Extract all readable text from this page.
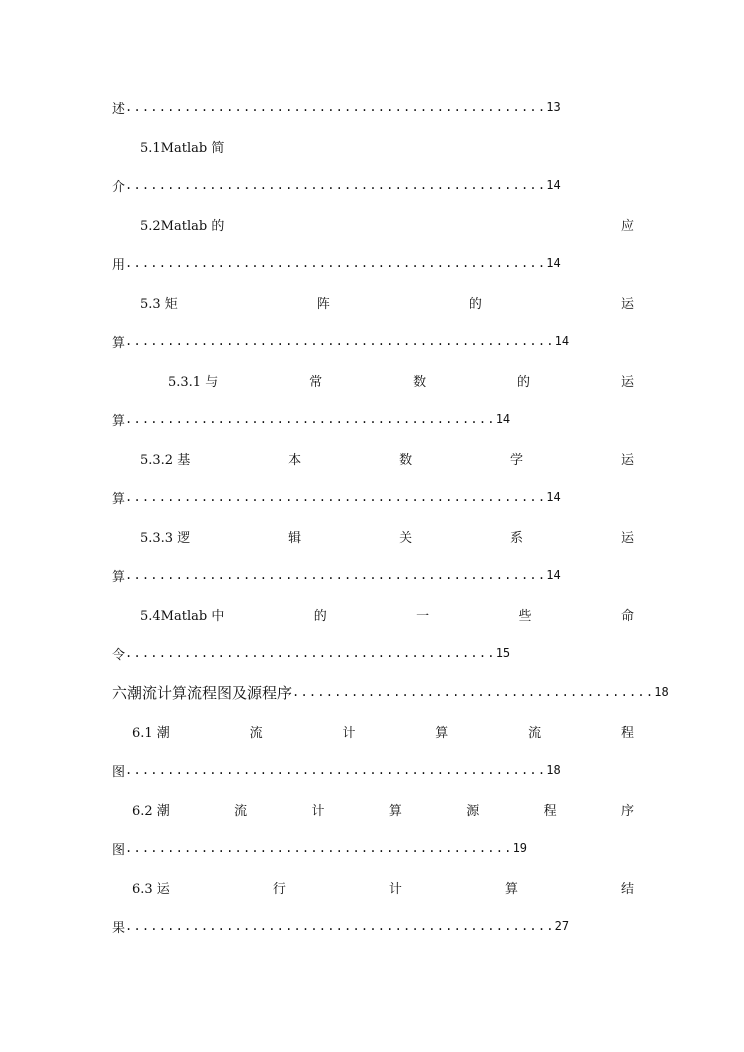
述 .................................................. 13
5.1Matlab 简
介 .................................................. 14
5.2Matlab 的	应
用 .................................................. 14
5.3 矩	阵	的	运
算 ................................................... 14
5.3.1 与	常	数	的	运
算 ............................................ 14
5.3.2 基	本	数	学	运
算 .................................................. 14
5.3.3 逻	辑	关	系	运
算 .................................................. 14
5.4Matlab 中	的	一	些	命
令 ............................................ 15
六潮流计算流程图及源程序 ........................................... 18
6.1 潮	流	计	算	流	程
图 .................................................. 18
6.2 潮	流	计	算	源	程	序
图 .............................................. 19
6.3 运	行	计	算	结
果 ................................................... 27
